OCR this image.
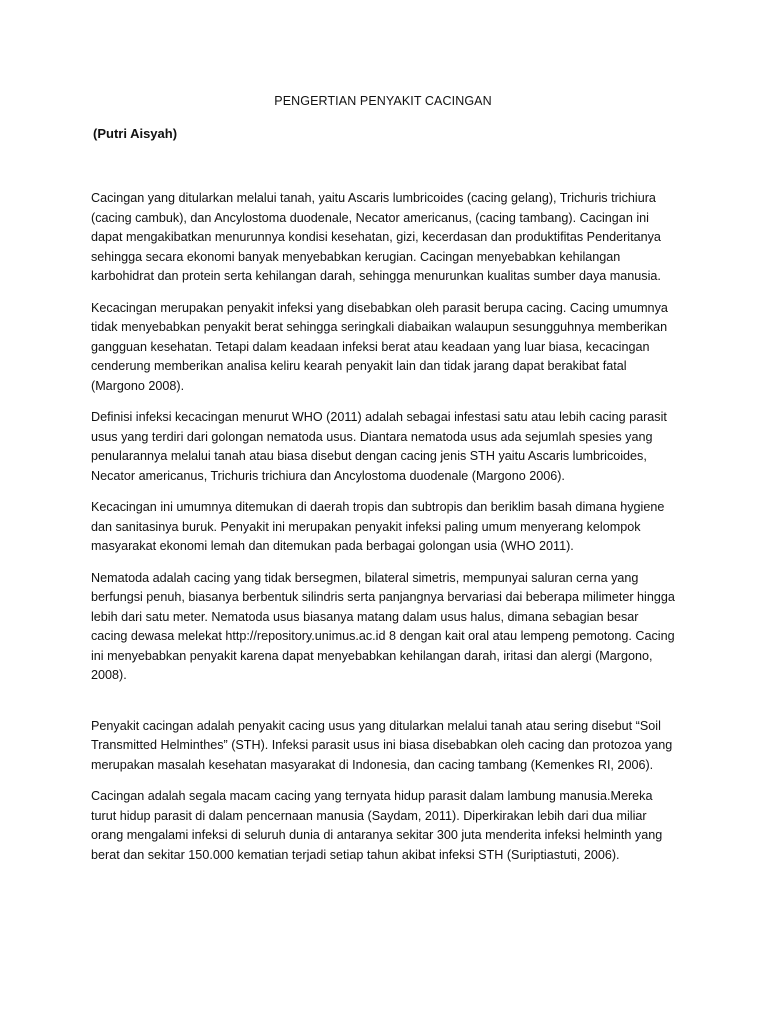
PENGERTIAN PENYAKIT CACINGAN
(Putri Aisyah)

Cacingan yang ditularkan melalui tanah, yaitu Ascaris lumbricoides (cacing gelang), Trichuris trichiura (cacing cambuk), dan Ancylostoma duodenale, Necator americanus, (cacing tambang). Cacingan ini dapat mengakibatkan menurunnya kondisi kesehatan, gizi, kecerdasan dan produktifitas Penderitanya sehingga secara ekonomi banyak menyebabkan kerugian. Cacingan menyebabkan kehilangan karbohidrat dan protein serta kehilangan darah, sehingga menurunkan kualitas sumber daya manusia.

Kecacingan merupakan penyakit infeksi yang disebabkan oleh parasit berupa cacing. Cacing umumnya tidak menyebabkan penyakit berat sehingga seringkali diabaikan walaupun sesungguhnya memberikan gangguan kesehatan. Tetapi dalam keadaan infeksi berat atau keadaan yang luar biasa, kecacingan cenderung memberikan analisa keliru kearah penyakit lain dan tidak jarang dapat berakibat fatal (Margono 2008).

Definisi infeksi kecacingan menurut WHO (2011) adalah sebagai infestasi satu atau lebih cacing parasit usus yang terdiri dari golongan nematoda usus. Diantara nematoda usus ada sejumlah spesies yang penularannya melalui tanah atau biasa disebut dengan cacing jenis STH yaitu Ascaris lumbricoides, Necator americanus, Trichuris trichiura dan Ancylostoma duodenale (Margono 2006).

Kecacingan ini umumnya ditemukan di daerah tropis dan subtropis dan beriklim basah dimana hygiene dan sanitasinya buruk. Penyakit ini merupakan penyakit infeksi paling umum menyerang kelompok masyarakat ekonomi lemah dan ditemukan pada berbagai golongan usia (WHO 2011).

Nematoda adalah cacing yang tidak bersegmen, bilateral simetris, mempunyai saluran cerna yang berfungsi penuh, biasanya berbentuk silindris serta panjangnya bervariasi dai beberapa milimeter hingga lebih dari satu meter. Nematoda usus biasanya matang dalam usus halus, dimana sebagian besar cacing dewasa melekat http://repository.unimus.ac.id 8 dengan kait oral atau lempeng pemotong. Cacing ini menyebabkan penyakit karena dapat menyebabkan kehilangan darah, iritasi dan alergi (Margono, 2008).

Penyakit cacingan adalah penyakit cacing usus yang ditularkan melalui tanah atau sering disebut “Soil Transmitted Helminthes” (STH). Infeksi parasit usus ini biasa disebabkan oleh cacing dan protozoa yang merupakan masalah kesehatan masyarakat di Indonesia, dan cacing tambang (Kemenkes RI, 2006).

Cacingan adalah segala macam cacing yang ternyata hidup parasit dalam lambung manusia.Mereka turut hidup parasit di dalam pencernaan manusia (Saydam, 2011). Diperkirakan lebih dari dua miliar orang mengalami infeksi di seluruh dunia di antaranya sekitar 300 juta menderita infeksi helminth yang berat dan sekitar 150.000 kematian terjadi setiap tahun akibat infeksi STH (Suriptiastuti, 2006).
